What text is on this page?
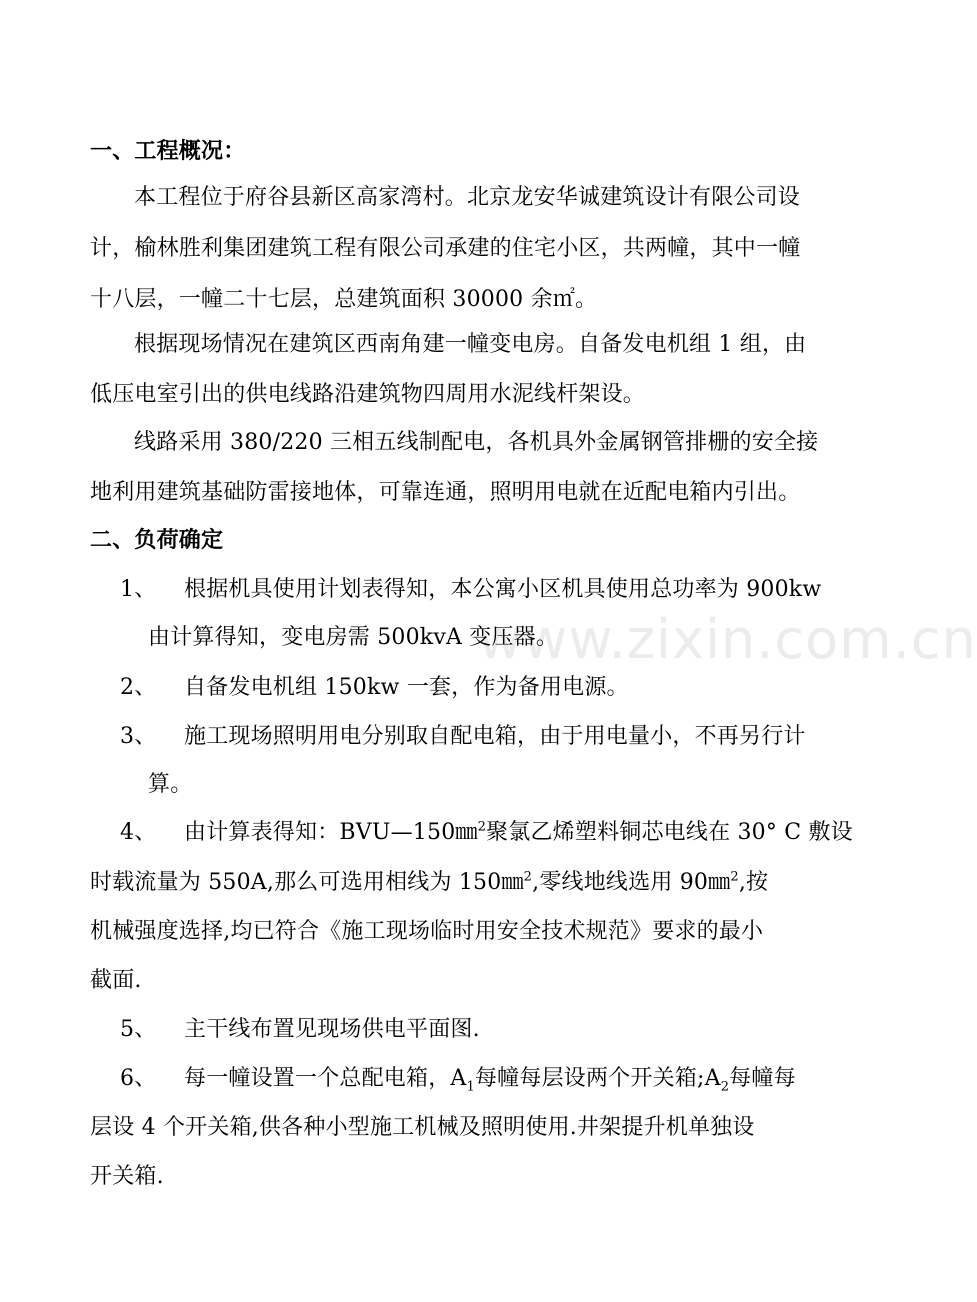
www.zixin.com.cn
一、工程概况：
本工程位于府谷县新区高家湾村。北京龙安华诚建筑设计有限公司设
计，榆林胜利集团建筑工程有限公司承建的住宅小区，共两幢，其中一幢
十八层，一幢二十七层，总建筑面积 30000 余㎡。
根据现场情况在建筑区西南角建一幢变电房。自备发电机组 1 组，由
低压电室引出的供电线路沿建筑物四周用水泥线杆架设。
线路采用 380/220 三相五线制配电，各机具外金属钢管排栅的安全接
地利用建筑基础防雷接地体，可靠连通，照明用电就在近配电箱内引出。
二、负荷确定
1、 根据机具使用计划表得知，本公寓小区机具使用总功率为 900kw
由计算得知，变电房需 500kvA 变压器。
2、 自备发电机组 150kw 一套，作为备用电源。
3、 施工现场照明用电分别取自配电箱，由于用电量小，不再另行计
算。
4、 由计算表得知：BVU—150㎜$^2$聚氯乙烯塑料铜芯电线在 30° C 敷设
时载流量为 550A,那么可选用相线为 150㎜$^2$,零线地线选用 90㎜$^2$,按
机械强度选择,均已符合《施工现场临时用安全技术规范》要求的最小
截面.
5、 主干线布置见现场供电平面图.
6、 每一幢设置一个总配电箱，$A_1$每幢每层设两个开关箱$;A_2$每幢每
层设 4 个开关箱,供各种小型施工机械及照明使用.井架提升机单独设
开关箱.
